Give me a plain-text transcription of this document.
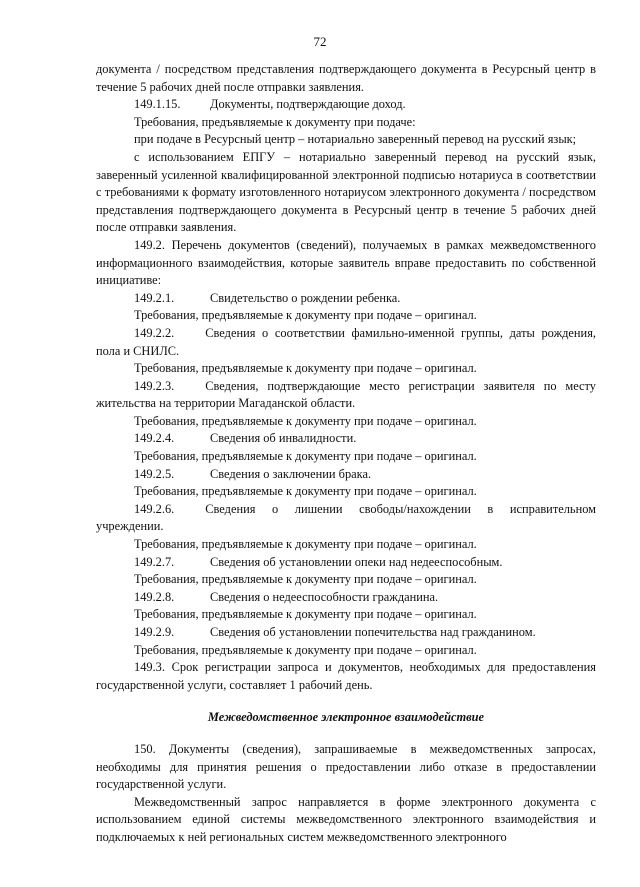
72

документа / посредством представления подтверждающего документа в Ресурсный центр в течение 5 рабочих дней после отправки заявления.

149.1.15.	Документы, подтверждающие доход.

Требования, предъявляемые к документу при подаче:

при подаче в Ресурсный центр – нотариально заверенный перевод на русский язык;

с использованием ЕПГУ – нотариально заверенный перевод на русский язык, заверенный усиленной квалифицированной электронной подписью нотариуса в соответствии с требованиями к формату изготовленного нотариусом электронного документа / посредством представления подтверждающего документа в Ресурсный центр в течение 5 рабочих дней после отправки заявления.

149.2. Перечень документов (сведений), получаемых в рамках межведомственного информационного взаимодействия, которые заявитель вправе предоставить по собственной инициативе:

149.2.1.	Свидетельство о рождении ребенка.

Требования, предъявляемые к документу при подаче – оригинал.

149.2.2.    Сведения о соответствии фамильно-именной группы, даты рождения, пола и СНИЛС.

Требования, предъявляемые к документу при подаче – оригинал.

149.2.3.    Сведения, подтверждающие место регистрации заявителя по месту жительства на территории Магаданской области.

Требования, предъявляемые к документу при подаче – оригинал.

149.2.4.	Сведения об инвалидности.

Требования, предъявляемые к документу при подаче – оригинал.

149.2.5.	Сведения о заключении брака.

Требования, предъявляемые к документу при подаче – оригинал.

149.2.6.    Сведения о лишении свободы/нахождении в исправительном учреждении.

Требования, предъявляемые к документу при подаче – оригинал.

149.2.7.	Сведения об установлении опеки над недееспособным.

Требования, предъявляемые к документу при подаче – оригинал.

149.2.8.	Сведения о недееспособности гражданина.

Требования, предъявляемые к документу при подаче – оригинал.

149.2.9.	Сведения об установлении попечительства над гражданином.

Требования, предъявляемые к документу при подаче – оригинал.

149.3. Срок регистрации запроса и документов, необходимых для предоставления государственной услуги, составляет 1 рабочий день.

Межведомственное электронное взаимодействие

150. Документы (сведения), запрашиваемые в межведомственных запросах, необходимы для принятия решения о предоставлении либо отказе в предоставлении государственной услуги.

Межведомственный запрос направляется в форме электронного документа с использованием единой системы межведомственного электронного взаимодействия и подключаемых к ней региональных систем межведомственного электронного
